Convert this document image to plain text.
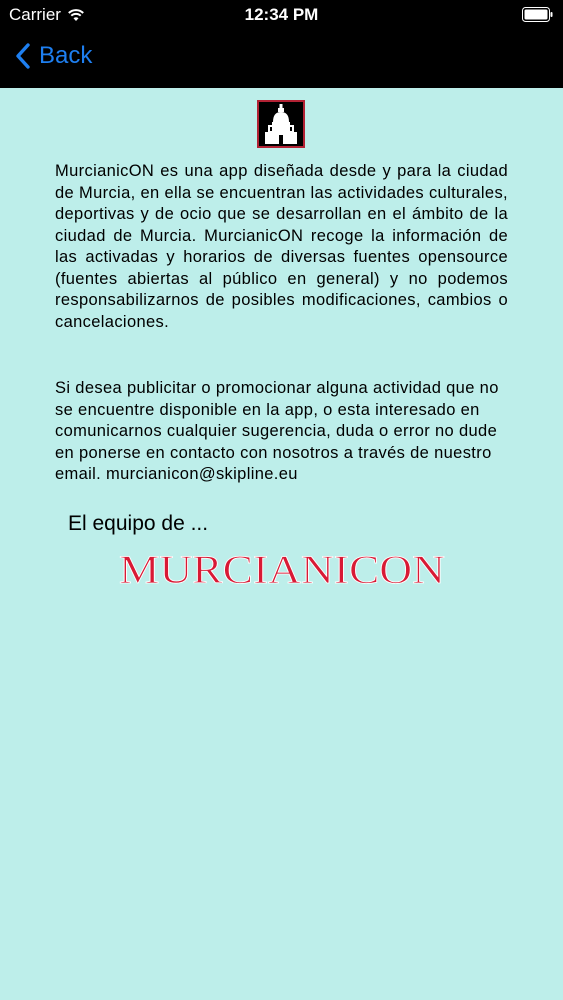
Carrier	12:34 PM
Back
MurcianicON es una app diseñada desde y para la ciudad de Murcia, en ella se encuentran las actividades culturales, deportivas y de ocio que se desarrollan en el ámbito de la ciudad de Murcia. MurcianicON recoge la información de las activadas y horarios de diversas fuentes opensource (fuentes abiertas al público en general) y no podemos responsabilizarnos de posibles modificaciones, cambios o cancelaciones.
Si desea publicitar o promocionar alguna actividad que no se encuentre disponible en la app, o esta interesado en comunicarnos cualquier sugerencia, duda o error no dude en ponerse en contacto con nosotros a través de nuestro email. murcianicon@skipline.eu
El equipo de ...
MURCIANICON
